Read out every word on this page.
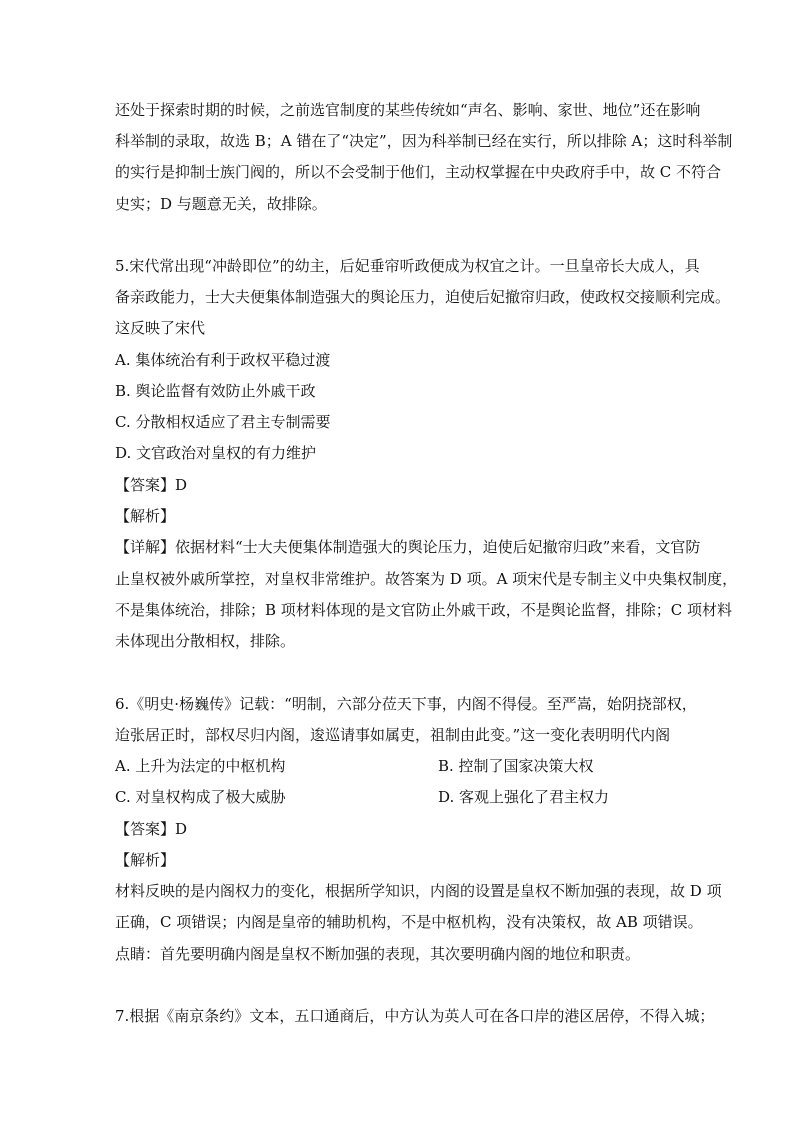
还处于探索时期的时候，之前选官制度的某些传统如“声名、影响、家世、地位”还在影响
科举制的录取，故选 B；A 错在了“决定”，因为科举制已经在实行，所以排除 A；这时科举制
的实行是抑制士族门阀的，所以不会受制于他们，主动权掌握在中央政府手中，故 C 不符合
史实；D 与题意无关，故排除。
5.宋代常出现“冲龄即位”的幼主，后妃垂帘听政便成为权宜之计。一旦皇帝长大成人，具
备亲政能力，士大夫便集体制造强大的舆论压力，迫使后妃撤帘归政，使政权交接顺利完成。
这反映了宋代
A. 集体统治有利于政权平稳过渡
B. 舆论监督有效防止外戚干政
C. 分散相权适应了君主专制需要
D. 文官政治对皇权的有力维护
【答案】D
【解析】
【详解】依据材料“士大夫便集体制造强大的舆论压力，迫使后妃撤帘归政”来看，文官防
止皇权被外戚所掌控，对皇权非常维护。故答案为 D 项。A 项宋代是专制主义中央集权制度，
不是集体统治，排除；B 项材料体现的是文官防止外戚干政，不是舆论监督，排除；C 项材料
未体现出分散相权，排除。
6.《明史·杨巍传》记载：“明制，六部分莅天下事，内阁不得侵。至严嵩，始阴挠部权，
迨张居正时，部权尽归内阁，逡巡请事如属吏，祖制由此变。”这一变化表明明代内阁
A. 上升为法定的中枢机构	B. 控制了国家决策大权
C. 对皇权构成了极大威胁	D. 客观上强化了君主权力
【答案】D
【解析】
材料反映的是内阁权力的变化，根据所学知识，内阁的设置是皇权不断加强的表现，故 D 项
正确，C 项错误；内阁是皇帝的辅助机构，不是中枢机构，没有决策权，故 AB 项错误。
点睛：首先要明确内阁是皇权不断加强的表现，其次要明确内阁的地位和职责。
7.根据《南京条约》文本，五口通商后，中方认为英人可在各口岸的港区居停，不得入城；
